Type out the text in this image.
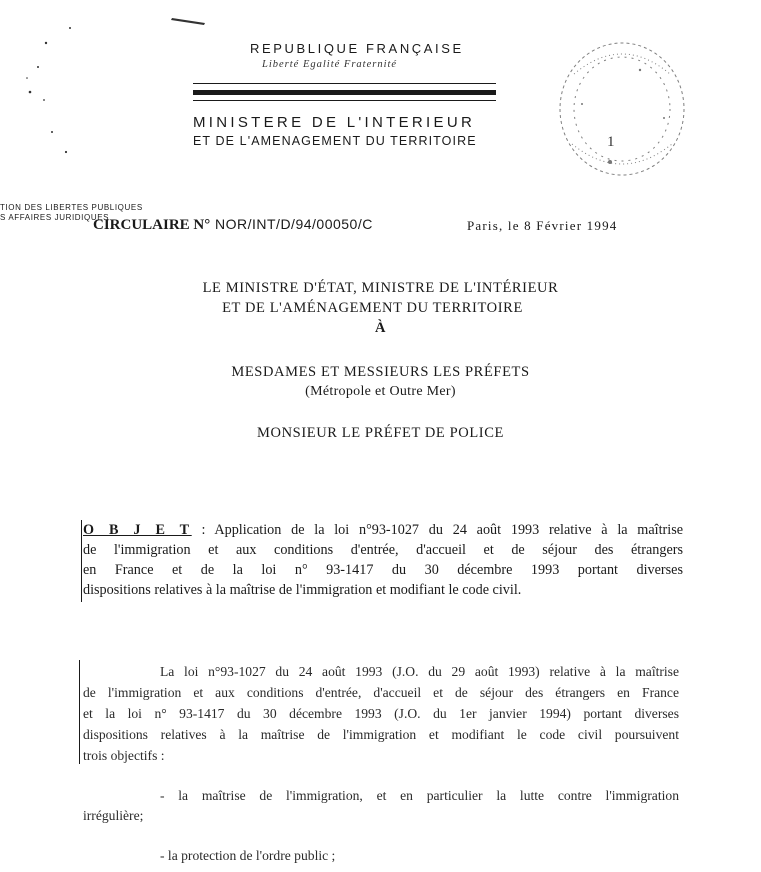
REPUBLIQUE FRANÇAISE
Liberté Egalité Fraternité
MINISTERE DE L'INTERIEUR
ET DE L'AMENAGEMENT DU TERRITOIRE
TION DES LIBERTES PUBLIQUES
S AFFAIRES JURIDIQUES
CIRCULAIRE N° NOR/INT/D/94/00050/C	Paris, le 8 Février 1994
LE MINISTRE D'ÉTAT, MINISTRE DE L'INTÉRIEUR
ET DE L'AMÉNAGEMENT DU TERRITOIRE
À
MESDAMES ET MESSIEURS LES PRÉFETS
(Métropole et Outre Mer)
MONSIEUR LE PRÉFET DE POLICE
O B J E T : Application de la loi n°93-1027 du 24 août 1993 relative à la maîtrise
de l'immigration et aux conditions d'entrée, d'accueil et de séjour des étrangers
en France et de la loi n° 93-1417 du 30 décembre 1993 portant diverses
dispositions relatives à la maîtrise de l'immigration et modifiant le code civil.
La loi n°93-1027 du 24 août 1993 (J.O. du 29 août 1993) relative à la maîtrise
de l'immigration et aux conditions d'entrée, d'accueil et de séjour des étrangers en France
et la loi n° 93-1417 du 30 décembre 1993 (J.O. du 1er janvier 1994) portant diverses
dispositions relatives à la maîtrise de l'immigration et modifiant le code civil poursuivent
trois objectifs :
- la maîtrise de l'immigration, et en particulier la lutte contre l'immigration
irrégulière;
- la protection de l'ordre public ;
1
